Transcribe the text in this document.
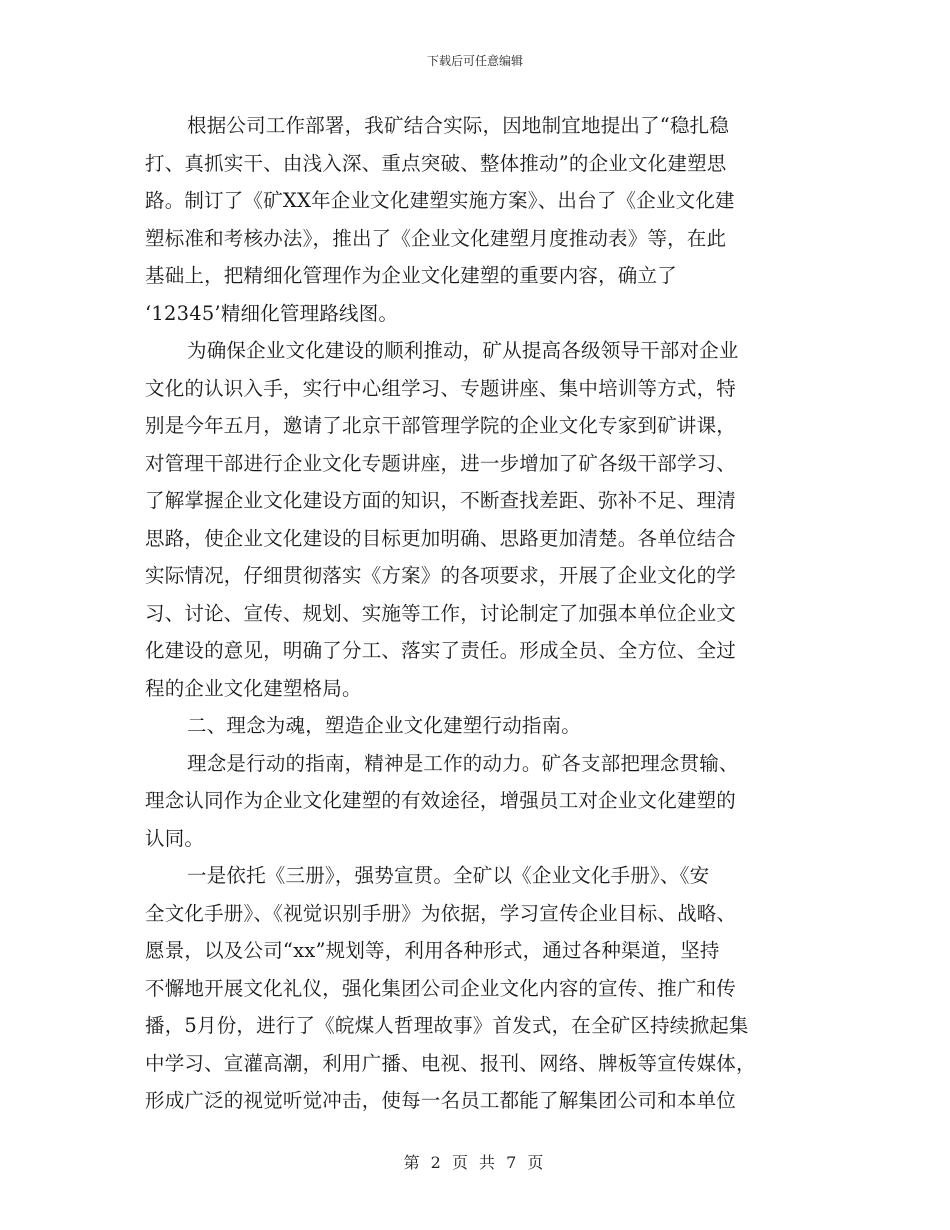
下载后可任意编辑
根据公司工作部署，我矿结合实际，因地制宜地提出了“稳扎稳
打、真抓实干、由浅入深、重点突破、整体推动”的企业文化建塑思
路。制订了《矿XX年企业文化建塑实施方案》、出台了《企业文化建
塑标准和考核办法》，推出了《企业文化建塑月度推动表》等，在此
基础上，把精细化管理作为企业文化建塑的重要内容，确立了
‘12345’精细化管理路线图。
为确保企业文化建设的顺利推动，矿从提高各级领导干部对企业
文化的认识入手，实行中心组学习、专题讲座、集中培训等方式，特
别是今年五月，邀请了北京干部管理学院的企业文化专家到矿讲课，
对管理干部进行企业文化专题讲座，进一步增加了矿各级干部学习、
了解掌握企业文化建设方面的知识，不断查找差距、弥补不足、理清
思路，使企业文化建设的目标更加明确、思路更加清楚。各单位结合
实际情况，仔细贯彻落实《方案》的各项要求，开展了企业文化的学
习、讨论、宣传、规划、实施等工作，讨论制定了加强本单位企业文
化建设的意见，明确了分工、落实了责任。形成全员、全方位、全过
程的企业文化建塑格局。
二、理念为魂，塑造企业文化建塑行动指南。
理念是行动的指南，精神是工作的动力。矿各支部把理念贯输、
理念认同作为企业文化建塑的有效途径，增强员工对企业文化建塑的
认同。
一是依托《三册》，强势宣贯。全矿以《企业文化手册》、《安
全文化手册》、《视觉识别手册》为依据，学习宣传企业目标、战略、
愿景，以及公司“xx”规划等，利用各种形式，通过各种渠道，坚持
不懈地开展文化礼仪，强化集团公司企业文化内容的宣传、推广和传
播，5月份，进行了《皖煤人哲理故事》首发式，在全矿区持续掀起集
中学习、宣灌高潮，利用广播、电视、报刊、网络、牌板等宣传媒体，
形成广泛的视觉听觉冲击，使每一名员工都能了解集团公司和本单位
第 2 页 共 7 页
